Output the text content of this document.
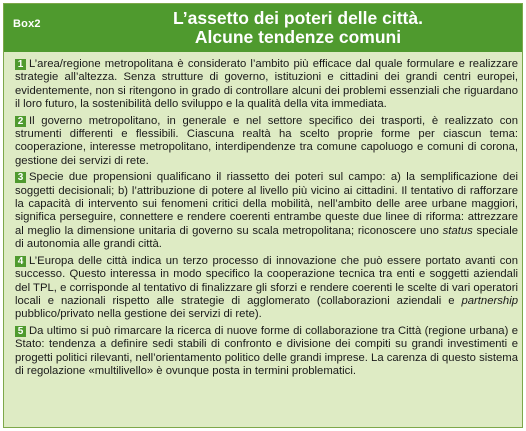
Box2	L’assetto dei poteri delle città.
Alcune tendenze comuni

1 L’area/regione metropolitana è considerato l’ambito più efficace dal quale formulare e realizzare strategie all’altezza. Senza strutture di governo, istituzioni e cittadini dei grandi centri europei, evidentemente, non si ritengono in grado di controllare alcuni dei problemi essenziali che riguardano il loro futuro, la sostenibilità dello sviluppo e la qualità della vita immediata.

2 Il governo metropolitano, in generale e nel settore specifico dei trasporti, è realizzato con strumenti differenti e flessibili. Ciascuna realtà ha scelto proprie forme per ciascun tema: cooperazione, interesse metropolitano, interdipendenze tra comune capoluogo e comuni di corona, gestione dei servizi di rete.

3 Specie due propensioni qualificano il riassetto dei poteri sul campo: a) la semplificazione dei soggetti decisionali; b) l’attribuzione di potere al livello più vicino ai cittadini. Il tentativo di rafforzare la capacità di intervento sui fenomeni critici della mobilità, nell’ambito delle aree urbane maggiori, significa perseguire, connettere e rendere coerenti entrambe queste due linee di riforma: attrezzare al meglio la dimensione unitaria di governo su scala metropolitana; riconoscere uno status speciale di autonomia alle grandi città.

4 L’Europa delle città indica un terzo processo di innovazione che può essere portato avanti con successo. Questo interessa in modo specifico la cooperazione tecnica tra enti e soggetti aziendali del TPL, e corrisponde al tentativo di finalizzare gli sforzi e rendere coerenti le scelte di vari operatori locali e nazionali rispetto alle strategie di agglomerato (collaborazioni aziendali e partnership pubblico/privato nella gestione dei servizi di rete).

5 Da ultimo si può rimarcare la ricerca di nuove forme di collaborazione tra Città (regione urbana) e Stato: tendenza a definire sedi stabili di confronto e divisione dei compiti su grandi investimenti e progetti politici rilevanti, nell’orientamento politico delle grandi imprese. La carenza di questo sistema di regolazione «multilivello» è ovunque posta in termini problematici.
